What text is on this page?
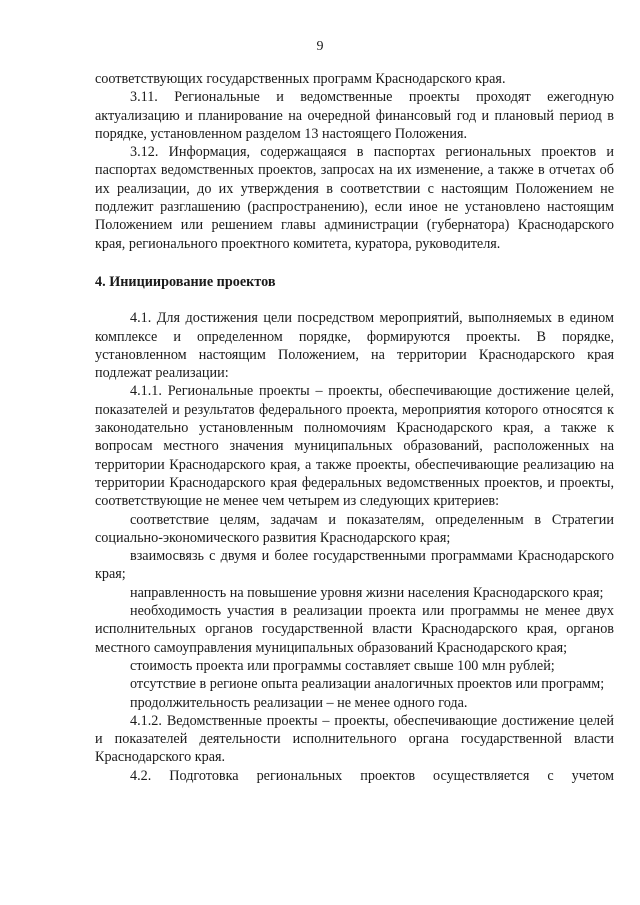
9

соответствующих государственных программ Краснодарского края.

3.11. Региональные и ведомственные проекты проходят ежегодную актуализацию и планирование на очередной финансовый год и плановый период в порядке, установленном разделом 13 настоящего Положения.

3.12. Информация, содержащаяся в паспортах региональных проектов и паспортах ведомственных проектов, запросах на их изменение, а также в отчетах об их реализации, до их утверждения в соответствии с настоящим Положением не подлежит разглашению (распространению), если иное не установлено настоящим Положением или решением главы администрации (губернатора) Краснодарского края, регионального проектного комитета, куратора, руководителя.

4. Инициирование проектов

4.1. Для достижения цели посредством мероприятий, выполняемых в едином комплексе и определенном порядке, формируются проекты. В порядке, установленном настоящим Положением, на территории Краснодарского края подлежат реализации:

4.1.1. Региональные проекты – проекты, обеспечивающие достижение целей, показателей и результатов федерального проекта, мероприятия которого относятся к законодательно установленным полномочиям Краснодарского края, а также к вопросам местного значения муниципальных образований, расположенных на территории Краснодарского края, а также проекты, обеспечивающие реализацию на территории Краснодарского края федеральных ведомственных проектов, и проекты, соответствующие не менее чем четырем из следующих критериев:

соответствие целям, задачам и показателям, определенным в Стратегии социально-экономического развития Краснодарского края;

взаимосвязь с двумя и более государственными программами Краснодарского края;

направленность на повышение уровня жизни населения Краснодарского края;

необходимость участия в реализации проекта или программы не менее двух исполнительных органов государственной власти Краснодарского края, органов местного самоуправления муниципальных образований Краснодарского края;

стоимость проекта или программы составляет свыше 100 млн рублей;

отсутствие в регионе опыта реализации аналогичных проектов или программ;

продолжительность реализации – не менее одного года.

4.1.2. Ведомственные проекты – проекты, обеспечивающие достижение целей и показателей деятельности исполнительного органа государственной власти Краснодарского края.

4.2. Подготовка региональных проектов осуществляется с учетом
